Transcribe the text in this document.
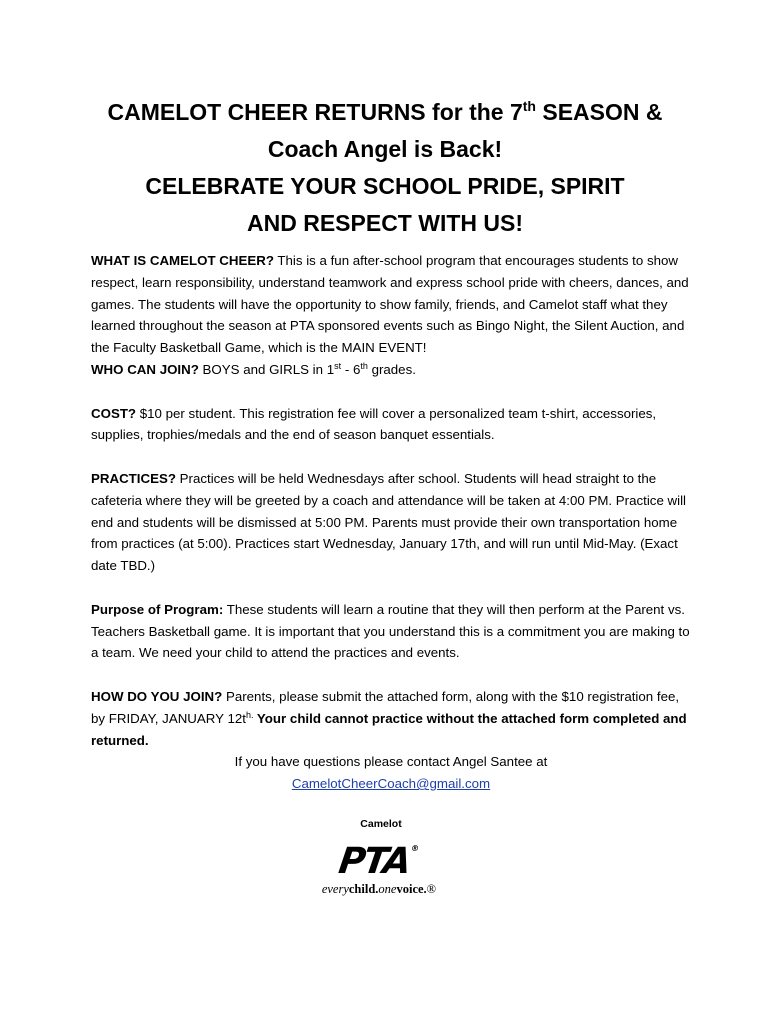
CAMELOT CHEER RETURNS for the 7th SEASON &
Coach Angel is Back!
CELEBRATE YOUR SCHOOL PRIDE, SPIRIT
AND RESPECT WITH US!

WHAT IS CAMELOT CHEER? This is a fun after-school program that encourages students to show respect, learn responsibility, understand teamwork and express school pride with cheers, dances, and games. The students will have the opportunity to show family, friends, and Camelot staff what they learned throughout the season at PTA sponsored events such as Bingo Night, the Silent Auction, and the Faculty Basketball Game, which is the MAIN EVENT!

WHO CAN JOIN? BOYS and GIRLS in 1st - 6th grades.

COST? $10 per student. This registration fee will cover a personalized team t-shirt, accessories, supplies, trophies/medals and the end of season banquet essentials.

PRACTICES? Practices will be held Wednesdays after school. Students will head straight to the cafeteria where they will be greeted by a coach and attendance will be taken at 4:00 PM. Practice will end and students will be dismissed at 5:00 PM. Parents must provide their own transportation home from practices (at 5:00). Practices start Wednesday, January 17th, and will run until Mid-May. (Exact date TBD.)

Purpose of Program: These students will learn a routine that they will then perform at the Parent vs. Teachers Basketball game. It is important that you understand this is a commitment you are making to a team. We need your child to attend the practices and events.

HOW DO YOU JOIN? Parents, please submit the attached form, along with the $10 registration fee, by FRIDAY, JANUARY $12t^{h.}$ Your child cannot practice without the attached form completed and returned.

If you have questions please contact Angel Santee at

CamelotCheerCoach@gmail.com

Camelot
PTA®
everychild.onevoice.®
